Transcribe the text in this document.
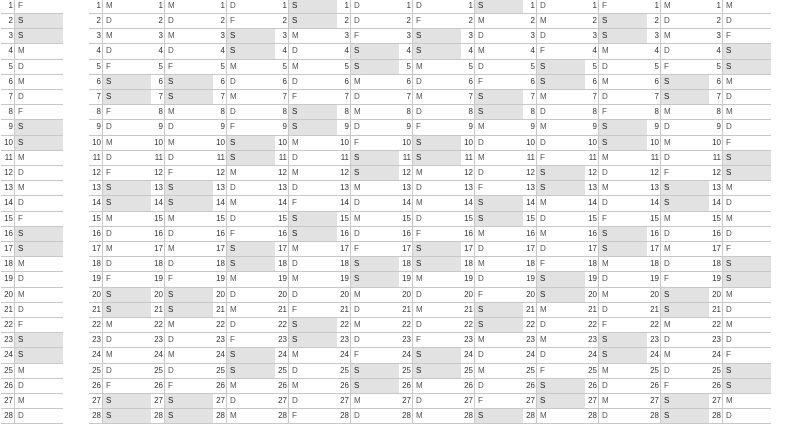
1 F
2 S
3 S
4 M
5 D
6 M
7 D
8 F
9 S
10 S
11 M
12 D
13 M
14 D
15 F
16 S
17 S
18 M
19 D
20 M
21 D
22 F
23 S
24 S
25 M
26 D
27 M
28 D
1 M
2 D
3 M
4 D
5 F
6 S
7 S
8 F
9 D
10 M
11 D
12 F
13 S
14 S
15 M
16 D
17 M
18 D
19 F
20 S
21 S
22 M
23 D
24 M
25 D
26 F
27 S
28 S
1 M
2 D
3 M
4 D
5 F
6 S
7 S
8 M
9 D
10 M
11 D
12 F
13 S
14 S
15 M
16 D
17 M
18 D
19 F
20 S
21 S
22 M
23 D
24 M
25 D
26 F
27 S
28 S
1 D
2 F
3 S
4 S
5 M
6 D
7 M
8 D
9 F
10 S
11 S
12 M
13 D
14 M
15 D
16 F
17 S
18 S
19 M
20 D
21 M
22 D
23 F
24 S
25 S
26 M
27 D
28 M
1 S
2 S
3 M
4 D
5 M
6 D
7 F
8 S
9 S
10 M
11 D
12 M
13 D
14 F
15 S
16 S
17 M
18 D
19 M
20 D
21 F
22 S
23 S
24 M
25 D
26 M
27 D
28 F
1 D
2 D
3 F
4 S
5 S
6 M
7 D
8 M
9 D
10 F
11 S
12 S
13 M
14 D
15 M
16 D
17 F
18 S
19 S
20 M
21 D
22 M
23 D
24 F
25 S
26 S
27 M
28 D
1 D
2 F
3 S
4 S
5 M
6 D
7 M
8 D
9 F
10 S
11 S
12 M
13 D
14 M
15 D
16 F
17 S
18 S
19 M
20 D
21 M
22 D
23 F
24 S
25 S
26 M
27 D
28 M
1 S
2 M
3 D
4 M
5 D
6 F
7 S
8 S
9 M
10 D
11 M
12 D
13 F
14 S
15 S
16 M
17 D
18 M
19 D
20 F
21 S
22 S
23 M
24 D
25 M
26 D
27 F
28 S
1 D
2 M
3 D
4 F
5 S
6 S
7 M
8 D
9 M
10 D
11 F
12 S
13 S
14 M
15 D
16 M
17 D
18 F
19 S
20 S
21 M
22 D
23 M
24 D
25 F
26 S
27 S
28 M
1 F
2 S
3 S
4 M
5 D
6 M
7 D
8 F
9 S
10 S
11 M
12 D
13 M
14 D
15 F
16 S
17 S
18 M
19 D
20 M
21 D
22 F
23 S
24 S
25 M
26 D
27 M
28 D
1 M
2 D
3 M
4 D
5 F
6 S
7 S
8 M
9 D
10 M
11 D
12 F
13 S
14 S
15 M
16 D
17 M
18 D
19 F
20 S
21 S
22 M
23 D
24 M
25 D
26 F
27 S
28 S
1 M
2 D
3 F
4 S
5 S
6 M
7 D
8 M
9 D
10 F
11 S
12 S
13 M
14 D
15 M
16 D
17 F
18 S
19 S
20 M
21 D
22 M
23 D
24 F
25 S
26 S
27 M
28 D
